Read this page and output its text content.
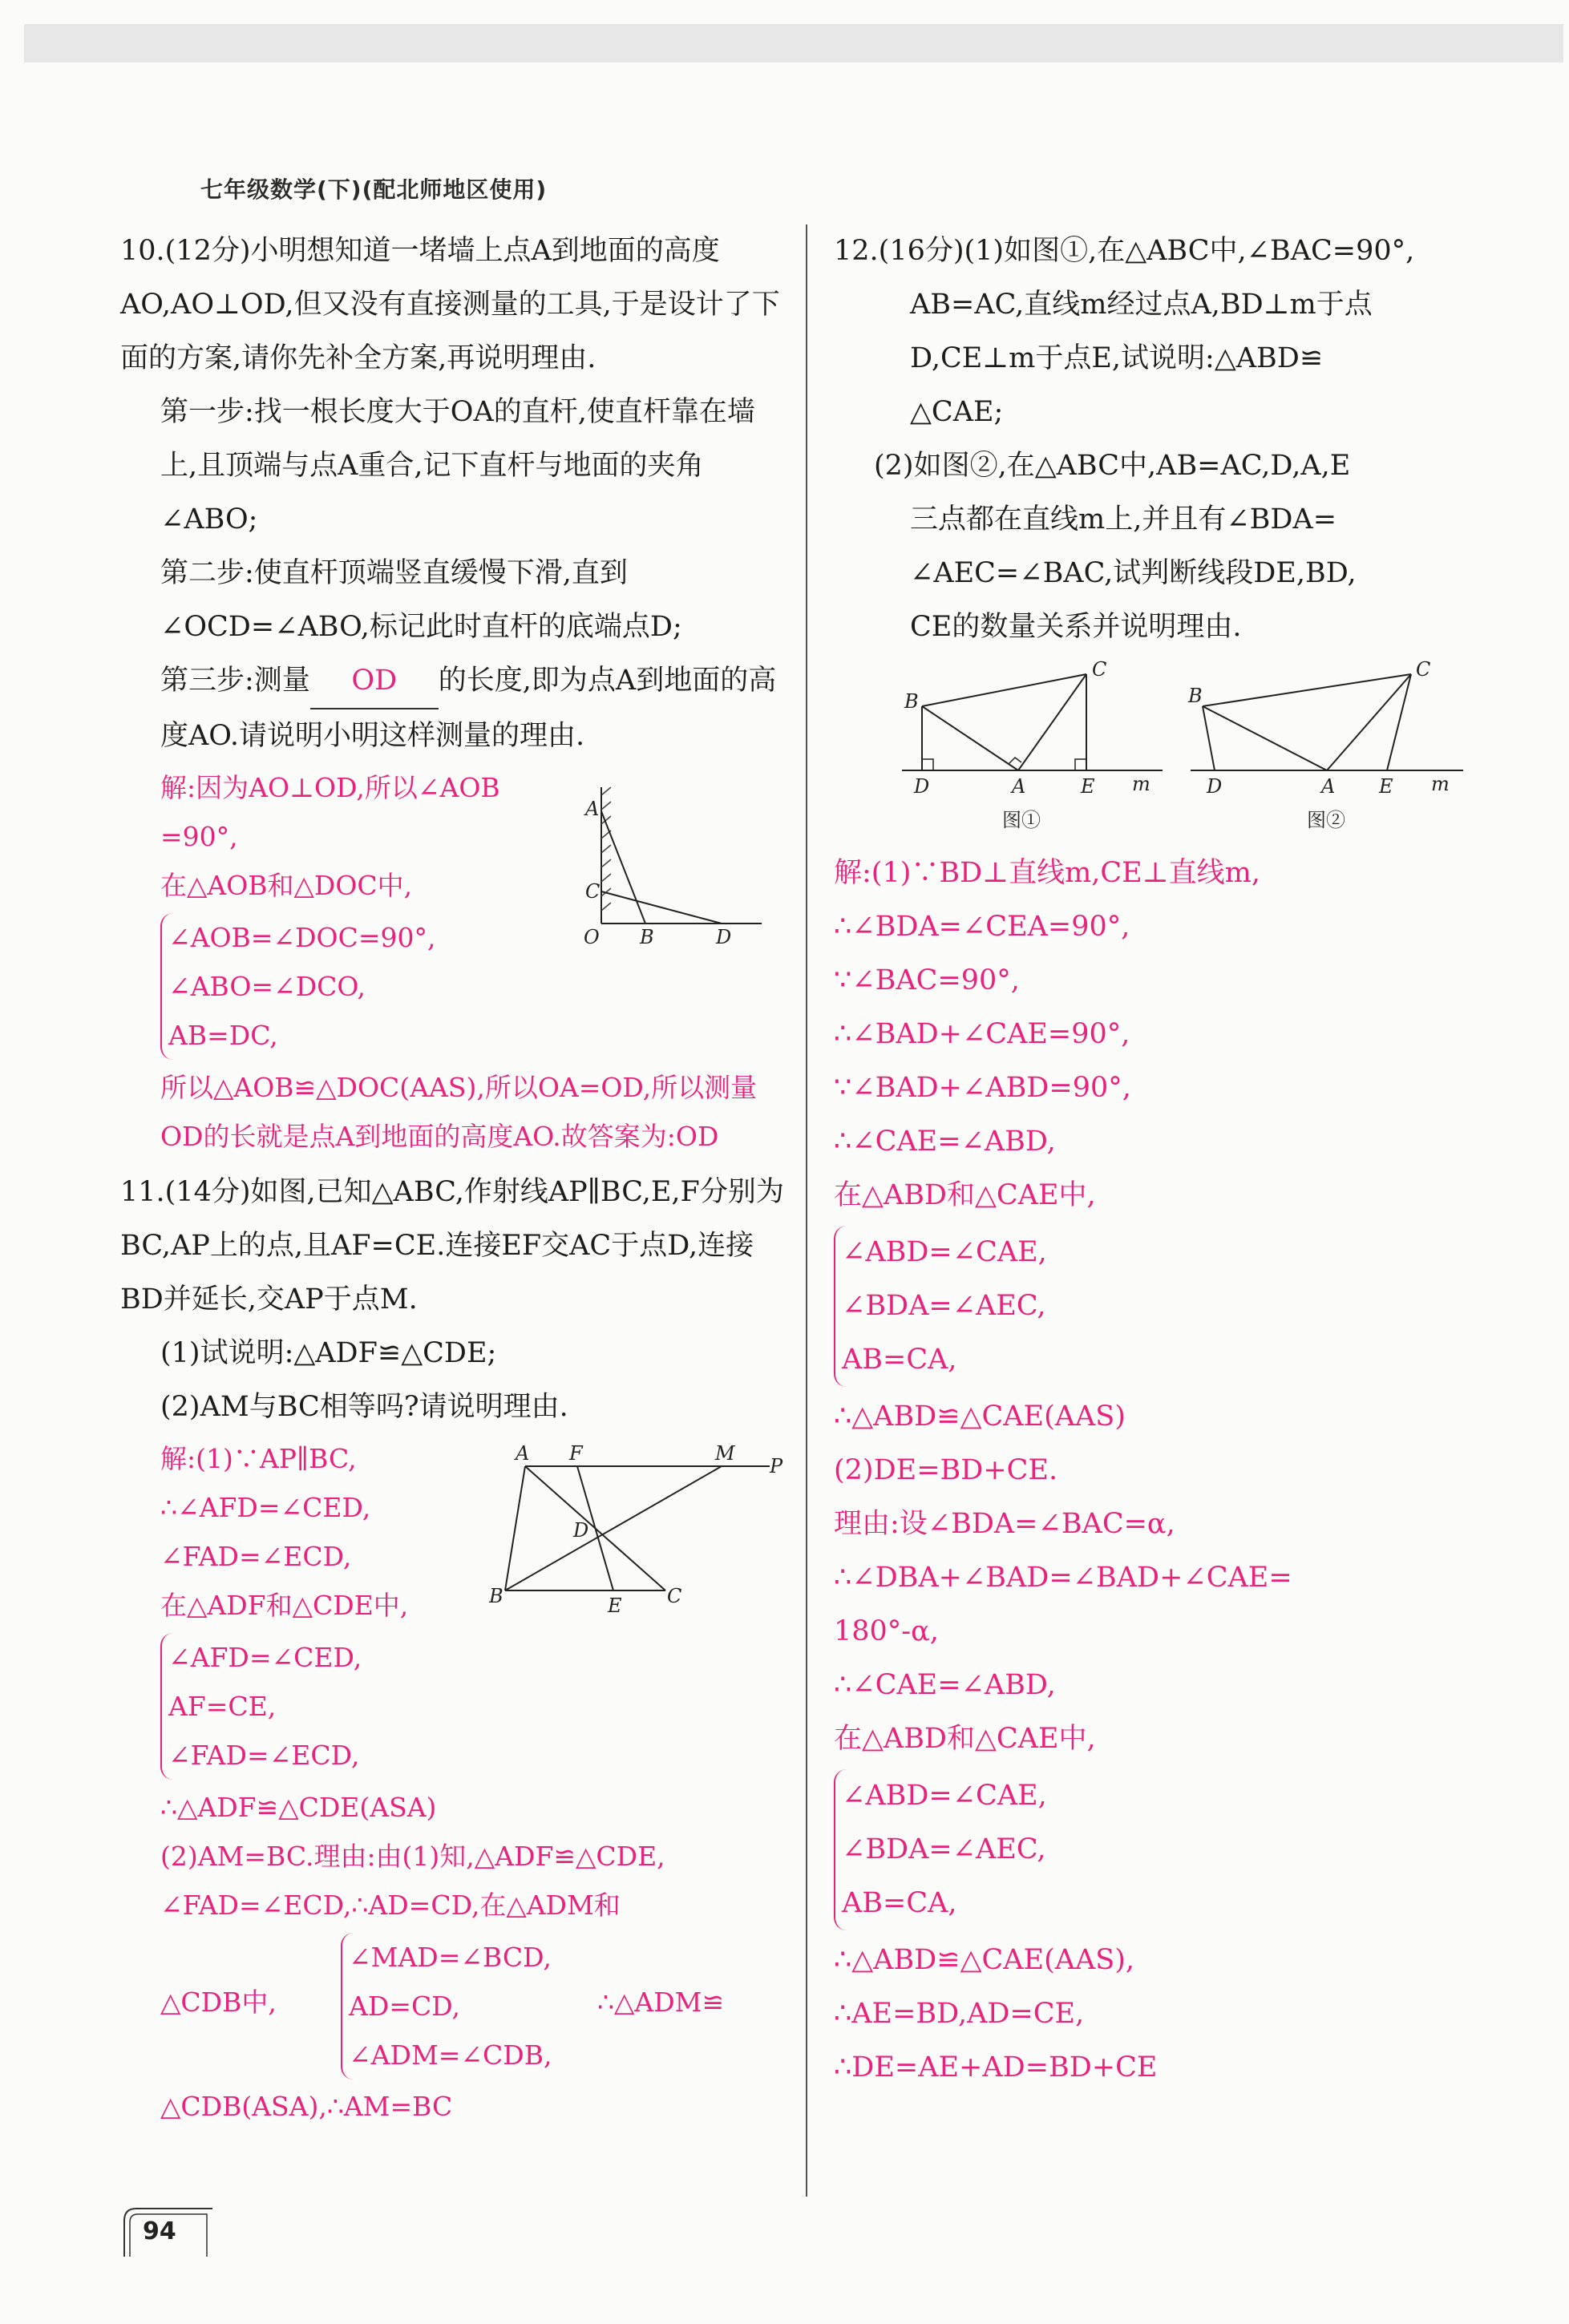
七年级数学(下)(配北师地区使用)

10.(12分)小明想知道一堵墙上点A到地面的高度AO,AO⊥OD,但又没有直接测量的工具,于是设计了下面的方案,请你先补全方案,再说明理由.

第一步:找一根长度大于OA的直杆,使直杆靠在墙上,且顶端与点A重合,记下直杆与地面的夹角∠ABO;

第二步:使直杆顶端竖直缓慢下滑,直到∠OCD=∠ABO,标记此时直杆的底端点D;

第三步:测量 OD 的长度,即为点A到地面的高度AO.请说明小明这样测量的理由.

解:因为AO⊥OD,所以∠AOB

=90°,

在△AOB和△DOC中,

∠AOB=∠DOC=90°,

∠ABO=∠DCO,

AB=DC,

所以△AOB≌△DOC(AAS),所以OA=OD,所以测量OD的长就是点A到地面的高度AO.故答案为:OD

A
C
O B	D

11.(14分)如图,已知△ABC,作射线AP∥BC,E,F分别为BC,AP上的点,且AF=CE.连接EF交AC于点D,连接BD并延长,交AP于点M.

(1)试说明:△ADF≌△CDE;

(2)AM与BC相等吗?请说明理由.

解:(1)∵AP∥BC,

∴∠AFD=∠CED,

∠FAD=∠ECD,

在△ADF和△CDE中,

∠AFD=∠CED,

AF=CE,

∠FAD=∠ECD,

∴△ADF≌△CDE(ASA)

(2)AM=BC.理由:由(1)知,△ADF≌△CDE,

∠FAD=∠ECD,∴AD=CD,在△ADM和

△CDB中,

∠MAD=∠BCD,

AD=CD,

∠ADM=∠CDB,

∴△ADM≌

△CDB(ASA),∴AM=BC

A F	M
P
D
B	E C

12.(16分)(1)如图①,在△ABC中,∠BAC=90°,

AB=AC,直线m经过点A,BD⊥m于点

D,CE⊥m于点E,试说明:△ABD≌

△CAE;

(2)如图②,在△ABC中,AB=AC,D,A,E

三点都在直线m上,并且有∠BDA=

∠AEC=∠BAC,试判断线段DE,BD,

CE的数量关系并说明理由.

B
C
D	A	E m
图①
B
C
D	A E m
图②

解:(1)∵BD⊥直线m,CE⊥直线m,

∴∠BDA=∠CEA=90°,

∵∠BAC=90°,

∴∠BAD+∠CAE=90°,

∵∠BAD+∠ABD=90°,

∴∠CAE=∠ABD,

在△ABD和△CAE中,

∠ABD=∠CAE,

∠BDA=∠AEC,

AB=CA,

∴△ABD≌△CAE(AAS)

(2)DE=BD+CE.

理由:设∠BDA=∠BAC=α,

∴∠DBA+∠BAD=∠BAD+∠CAE=

180°-α,

∴∠CAE=∠ABD,

在△ABD和△CAE中,

∠ABD=∠CAE,

∠BDA=∠AEC,

AB=CA,

∴△ABD≌△CAE(AAS),

∴AE=BD,AD=CE,

∴DE=AE+AD=BD+CE

94
